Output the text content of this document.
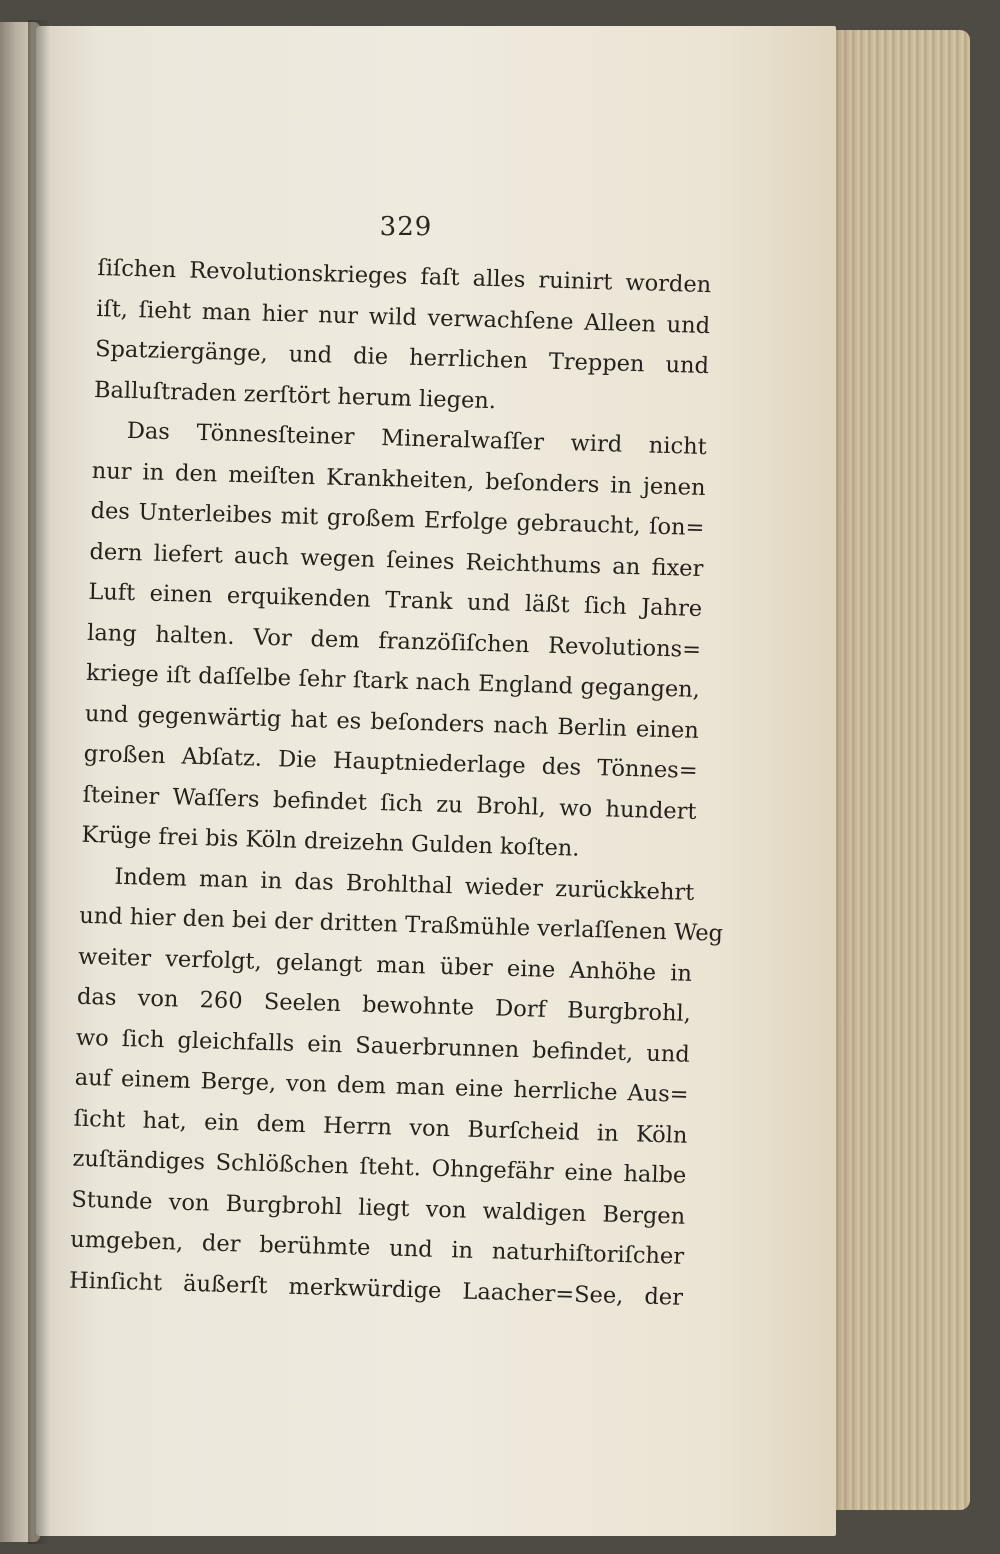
329
ſiſchen Revolutionskrieges faſt alles ruinirt worden
iſt, ſieht man hier nur wild verwachſene Alleen und
Spatziergänge, und die herrlichen Treppen und
Balluſtraden zerſtört herum liegen.
Das Tönnesſteiner Mineralwaſſer wird nicht
nur in den meiſten Krankheiten, beſonders in jenen
des Unterleibes mit großem Erfolge gebraucht, ſon=
dern liefert auch wegen ſeines Reichthums an fixer
Luft einen erquikenden Trank und läßt ſich Jahre
lang halten. Vor dem franzöſiſchen Revolutions=
kriege iſt daſſelbe ſehr ſtark nach England gegangen,
und gegenwärtig hat es beſonders nach Berlin einen
großen Abſatz. Die Hauptniederlage des Tönnes=
ſteiner Waſſers befindet ſich zu Brohl, wo hundert
Krüge frei bis Köln dreizehn Gulden koſten.
Indem man in das Brohlthal wieder zurückkehrt
und hier den bei der dritten Traßmühle verlaſſenen Weg
weiter verfolgt, gelangt man über eine Anhöhe in
das von 260 Seelen bewohnte Dorf Burgbrohl,
wo ſich gleichfalls ein Sauerbrunnen befindet, und
auf einem Berge, von dem man eine herrliche Aus=
ſicht hat, ein dem Herrn von Burſcheid in Köln
zuſtändiges Schlößchen ſteht. Ohngefähr eine halbe
Stunde von Burgbrohl liegt von waldigen Bergen
umgeben, der berühmte und in naturhiſtoriſcher
Hinſicht äußerſt merkwürdige Laacher=See, der
